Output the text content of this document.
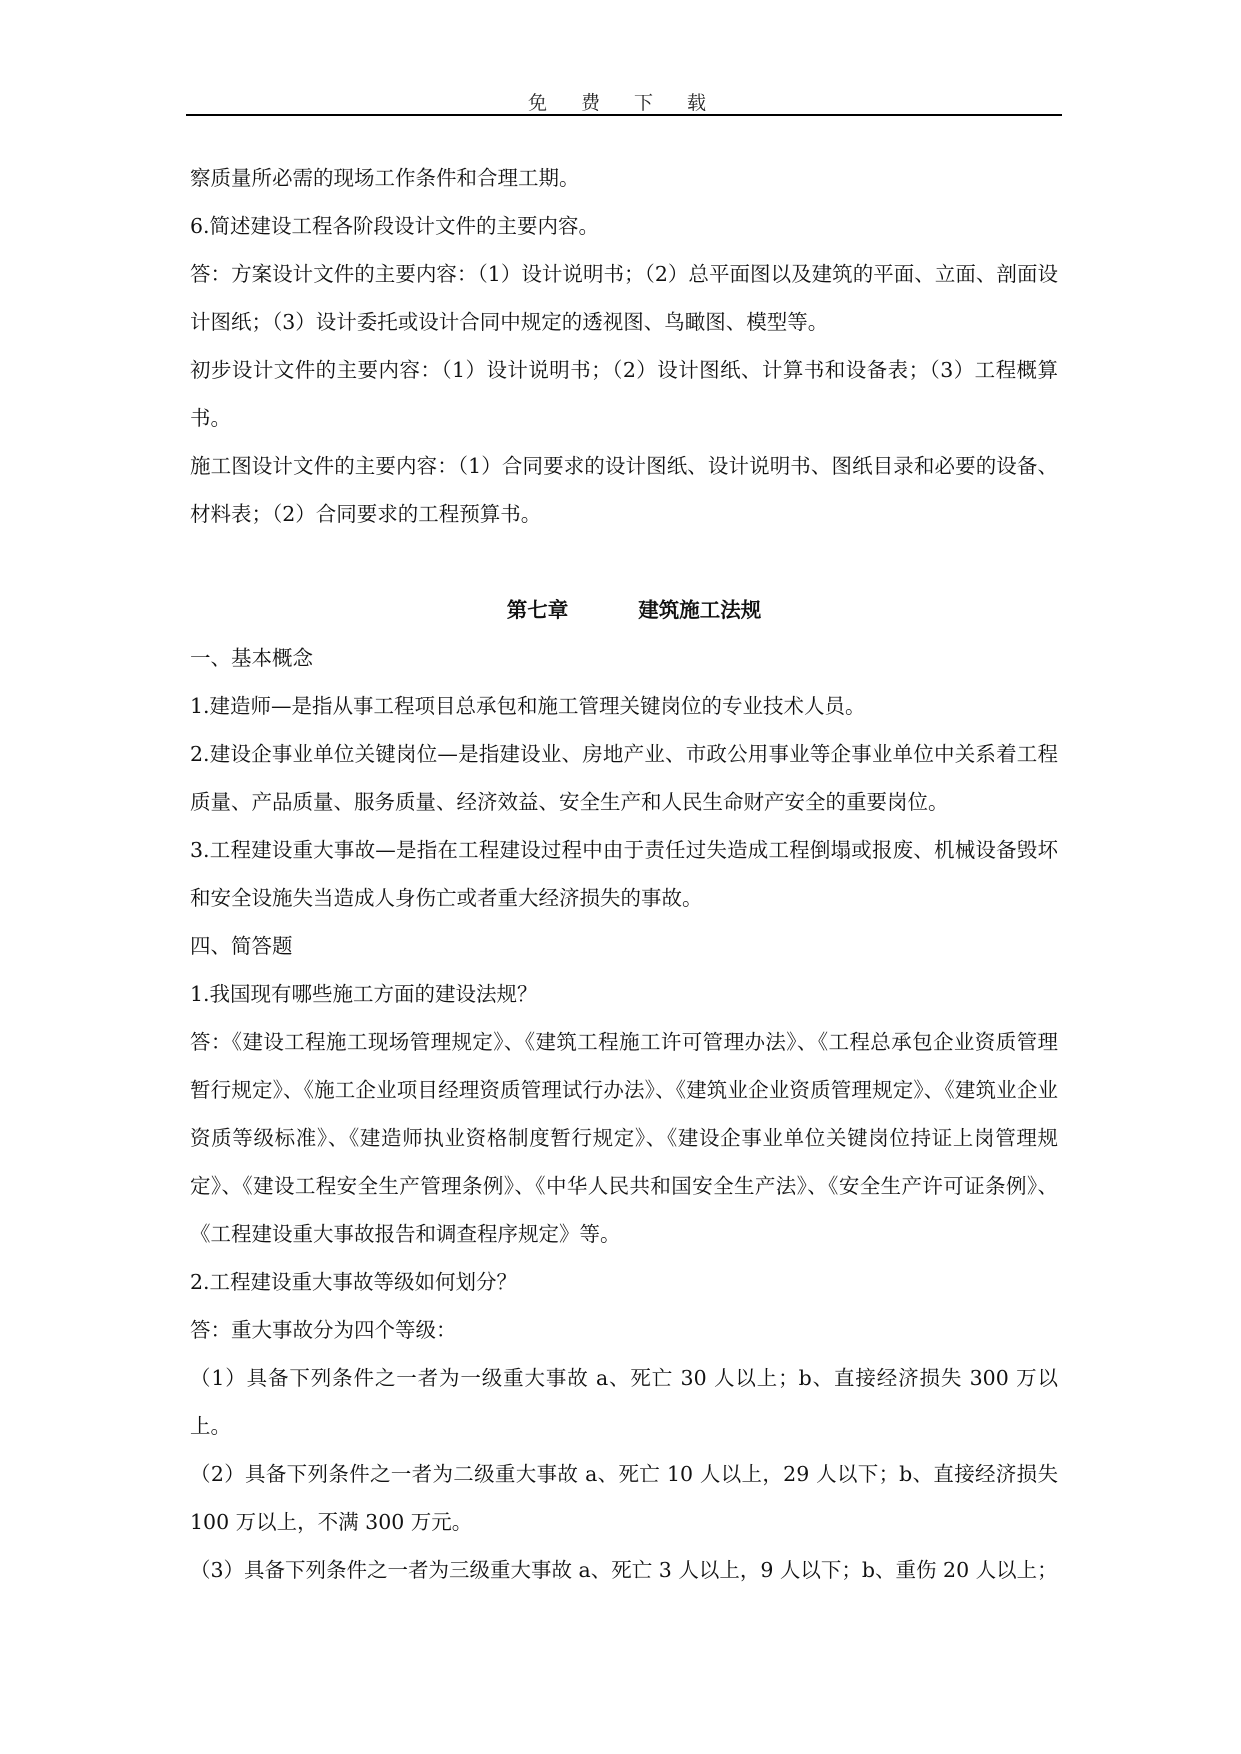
免 费 下 载

察质量所必需的现场工作条件和合理工期。

6.简述建设工程各阶段设计文件的主要内容。

答：方案设计文件的主要内容：（1）设计说明书；（2）总平面图以及建筑的平面、立面、剖面设计图纸；（3）设计委托或设计合同中规定的透视图、鸟瞰图、模型等。

初步设计文件的主要内容：（1）设计说明书；（2）设计图纸、计算书和设备表；（3）工程概算书。

施工图设计文件的主要内容：（1）合同要求的设计图纸、设计说明书、图纸目录和必要的设备、材料表；（2）合同要求的工程预算书。

第七章	建筑施工法规

一、基本概念

1.建造师—是指从事工程项目总承包和施工管理关键岗位的专业技术人员。

2.建设企事业单位关键岗位—是指建设业、房地产业、市政公用事业等企事业单位中关系着工程质量、产品质量、服务质量、经济效益、安全生产和人民生命财产安全的重要岗位。

3.工程建设重大事故—是指在工程建设过程中由于责任过失造成工程倒塌或报废、机械设备毁坏和安全设施失当造成人身伤亡或者重大经济损失的事故。

四、简答题

1.我国现有哪些施工方面的建设法规？

答：《建设工程施工现场管理规定》、《建筑工程施工许可管理办法》、《工程总承包企业资质管理暂行规定》、《施工企业项目经理资质管理试行办法》、《建筑业企业资质管理规定》、《建筑业企业资质等级标准》、《建造师执业资格制度暂行规定》、《建设企事业单位关键岗位持证上岗管理规定》、《建设工程安全生产管理条例》、《中华人民共和国安全生产法》、《安全生产许可证条例》、《工程建设重大事故报告和调查程序规定》等。

2.工程建设重大事故等级如何划分？

答：重大事故分为四个等级：

（1）具备下列条件之一者为一级重大事故 a、死亡 30 人以上；b、直接经济损失 300 万以上。

（2）具备下列条件之一者为二级重大事故 a、死亡 10 人以上，29 人以下；b、直接经济损失 100 万以上，不满 300 万元。

（3）具备下列条件之一者为三级重大事故 a、死亡 3 人以上，9 人以下；b、重伤 20 人以上；
